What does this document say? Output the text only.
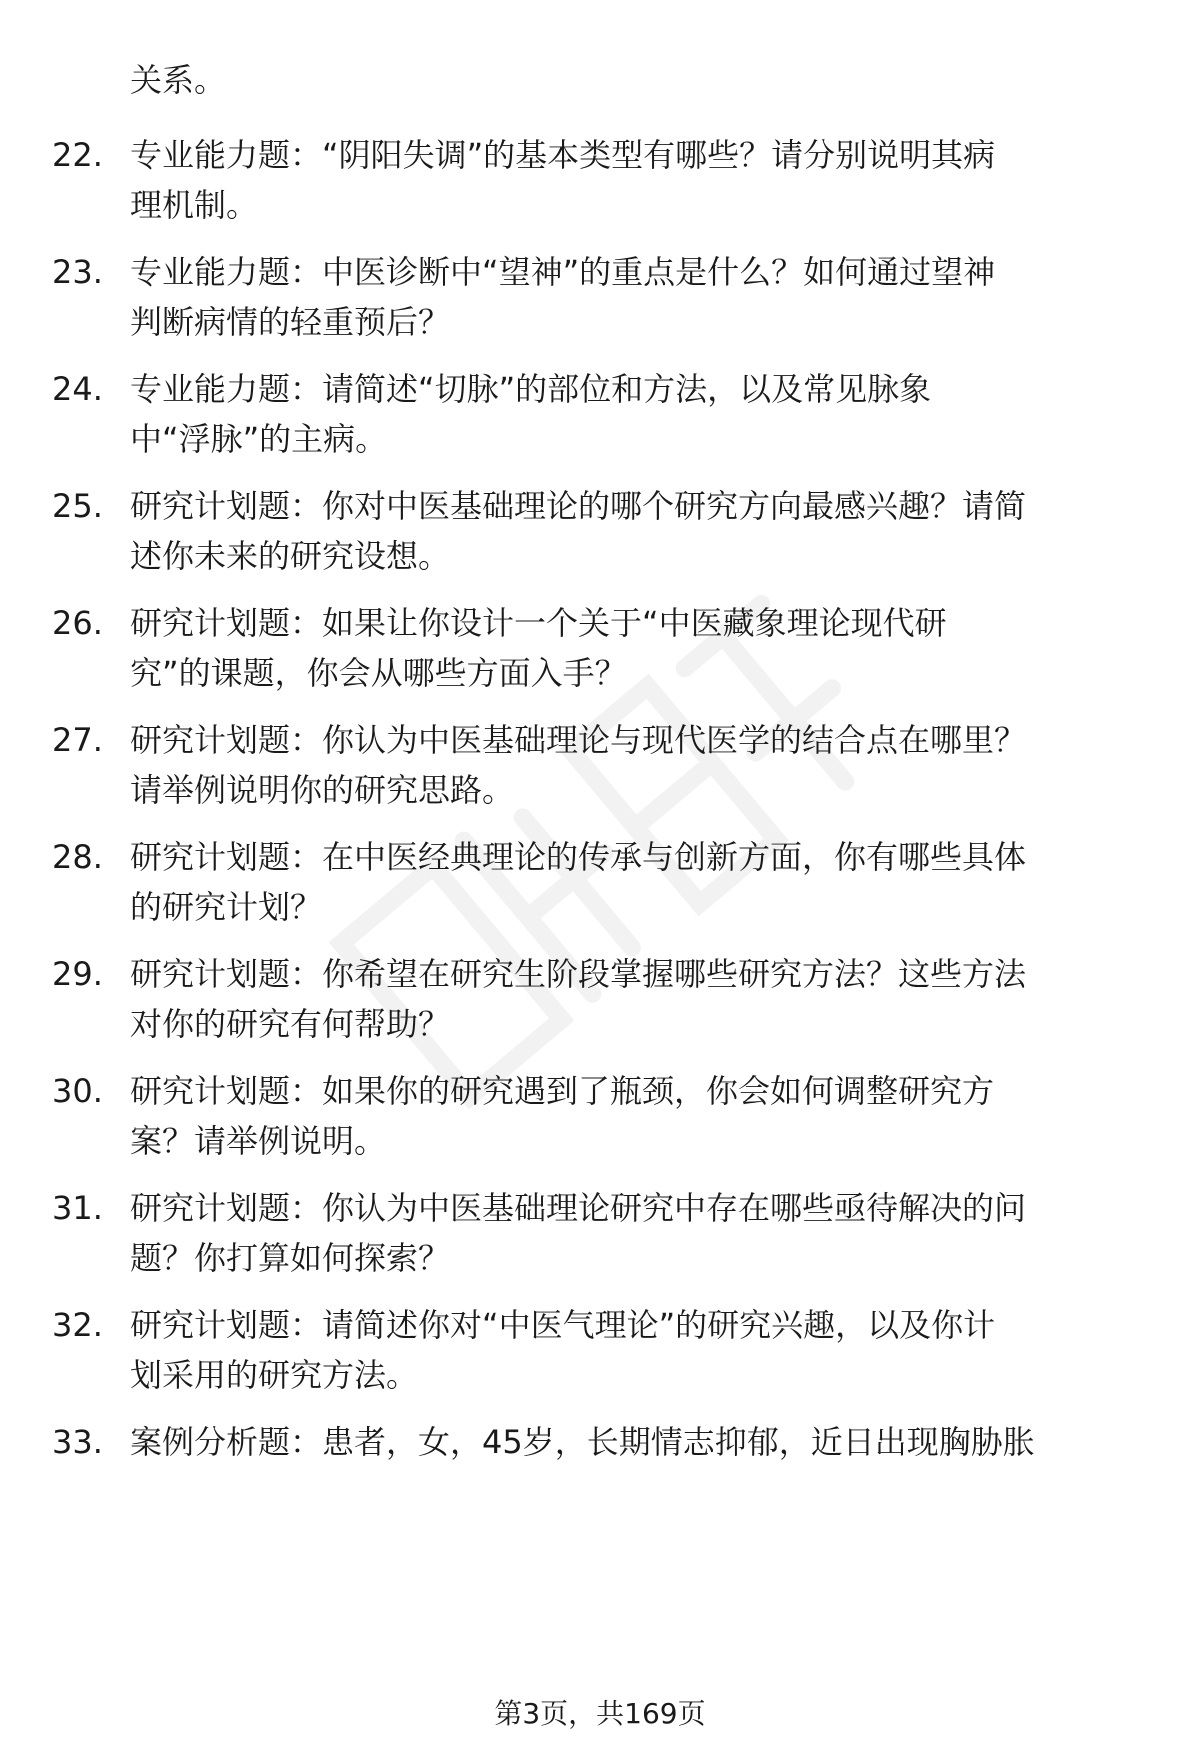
关系。
22. 专业能力题：“阴阳失调”的基本类型有哪些？请分别说明其病
理机制。
23. 专业能力题：中医诊断中“望神”的重点是什么？如何通过望神
判断病情的轻重预后？
24. 专业能力题：请简述“切脉”的部位和方法，以及常见脉象
中“浮脉”的主病。
25. 研究计划题：你对中医基础理论的哪个研究方向最感兴趣？请简
述你未来的研究设想。
26. 研究计划题：如果让你设计一个关于“中医藏象理论现代研
究”的课题，你会从哪些方面入手？
27. 研究计划题：你认为中医基础理论与现代医学的结合点在哪里？
请举例说明你的研究思路。
28. 研究计划题：在中医经典理论的传承与创新方面，你有哪些具体
的研究计划？
29. 研究计划题：你希望在研究生阶段掌握哪些研究方法？这些方法
对你的研究有何帮助？
30. 研究计划题：如果你的研究遇到了瓶颈，你会如何调整研究方
案？请举例说明。
31. 研究计划题：你认为中医基础理论研究中存在哪些亟待解决的问
题？你打算如何探索？
32. 研究计划题：请简述你对“中医气理论”的研究兴趣，以及你计
划采用的研究方法。
33. 案例分析题：患者，女，45岁，长期情志抑郁，近日出现胸胁胀
第3页，共169页
